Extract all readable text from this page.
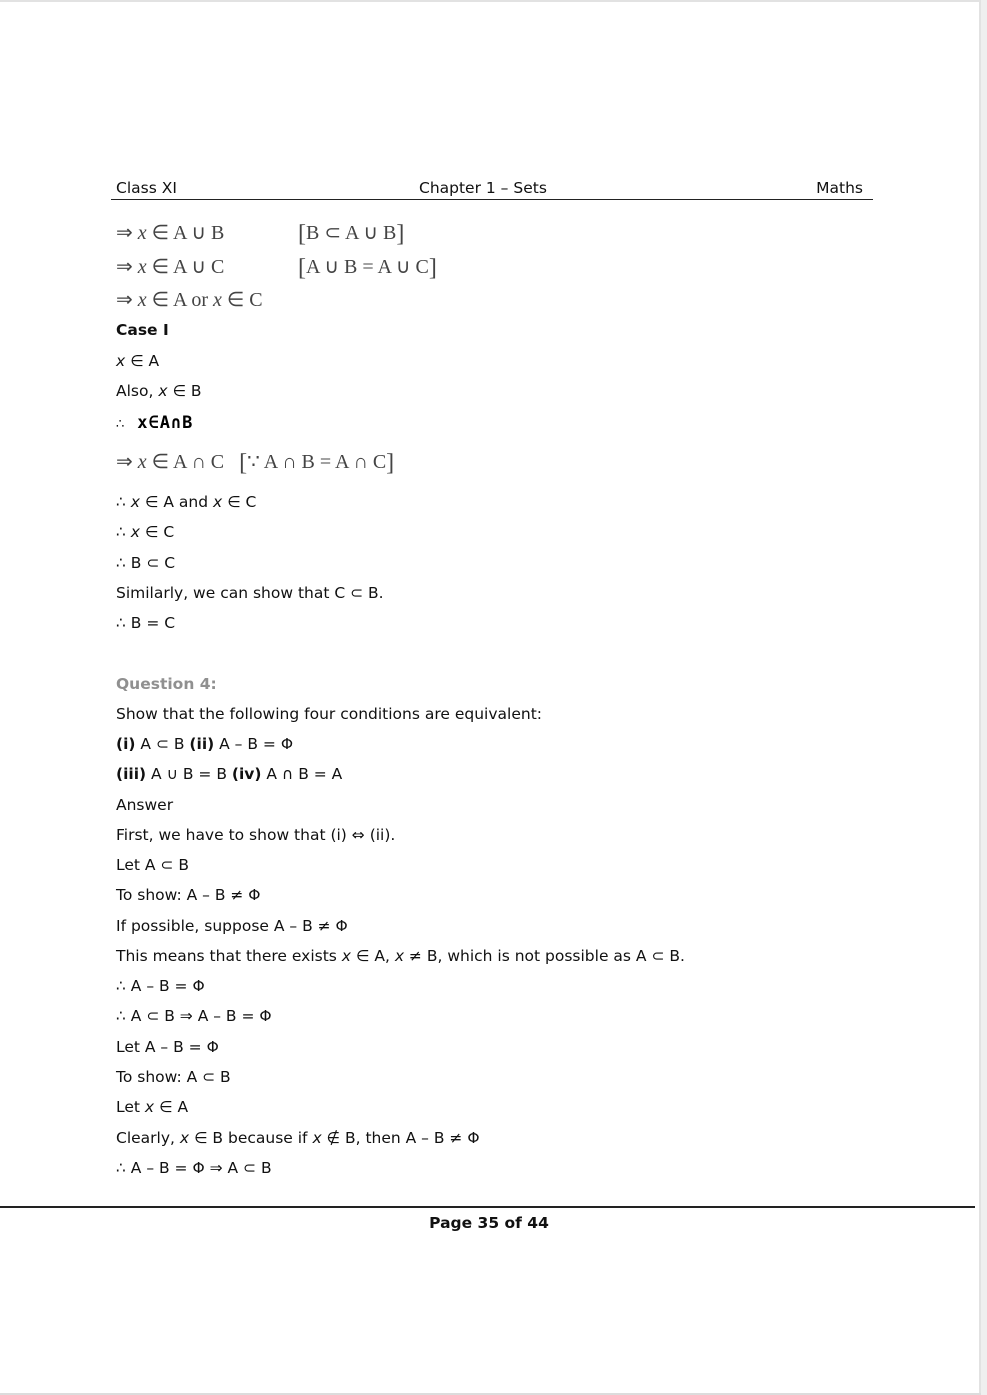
Class XI	Chapter 1 – Sets	Maths
⇒ x ∈ A ∪ B	[B ⊂ A ∪ B]
⇒ x ∈ A ∪ C	[A ∪ B = A ∪ C]
⇒ x ∈ A or x ∈ C
Case I
x ∈ A
Also, x ∈ B
∴ x∈A∩B
⇒ x ∈ A ∩ C [∵ A ∩ B = A ∩ C]
∴ x ∈ A and x ∈ C
∴ x ∈ C
∴ B ⊂ C
Similarly, we can show that C ⊂ B.
∴ B = C
Question 4:
Show that the following four conditions are equivalent:
(i) A ⊂ B (ii) A – B = Φ
(iii) A ∪ B = B (iv) A ∩ B = A
Answer
First, we have to show that (i) ⇔ (ii).
Let A ⊂ B
To show: A – B ≠ Φ
If possible, suppose A – B ≠ Φ
This means that there exists x ∈ A, x ≠ B, which is not possible as A ⊂ B.
∴ A – B = Φ
∴ A ⊂ B ⇒ A – B = Φ
Let A – B = Φ
To show: A ⊂ B
Let x ∈ A
Clearly, x ∈ B because if x ∉ B, then A – B ≠ Φ
∴ A – B = Φ ⇒ A ⊂ B
Page 35 of 44
